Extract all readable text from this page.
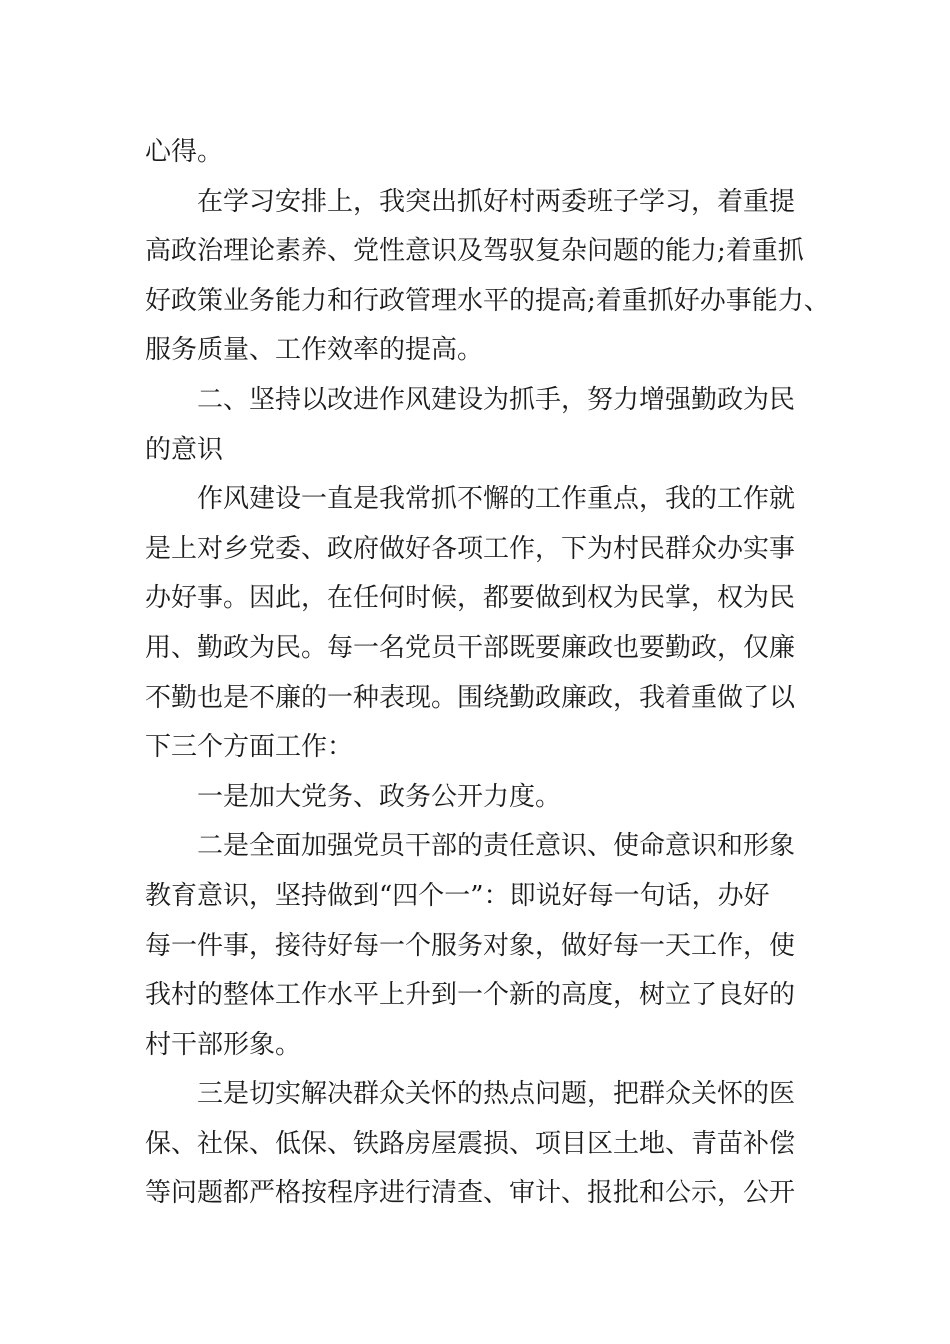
心得。
在学习安排上，我突出抓好村两委班子学习，着重提
高政治理论素养、党性意识及驾驭复杂问题的能力;着重抓
好政策业务能力和行政管理水平的提高;着重抓好办事能力、
服务质量、工作效率的提高。
二、坚持以改进作风建设为抓手，努力增强勤政为民
的意识
作风建设一直是我常抓不懈的工作重点，我的工作就
是上对乡党委、政府做好各项工作，下为村民群众办实事
办好事。因此，在任何时候，都要做到权为民掌，权为民
用、勤政为民。每一名党员干部既要廉政也要勤政，仅廉
不勤也是不廉的一种表现。围绕勤政廉政，我着重做了以
下三个方面工作：
一是加大党务、政务公开力度。
二是全面加强党员干部的责任意识、使命意识和形象
教育意识，坚持做到“四个一”：即说好每一句话，办好
每一件事，接待好每一个服务对象，做好每一天工作，使
我村的整体工作水平上升到一个新的高度，树立了良好的
村干部形象。
三是切实解决群众关怀的热点问题，把群众关怀的医
保、社保、低保、铁路房屋震损、项目区土地、青苗补偿
等问题都严格按程序进行清查、审计、报批和公示，公开
